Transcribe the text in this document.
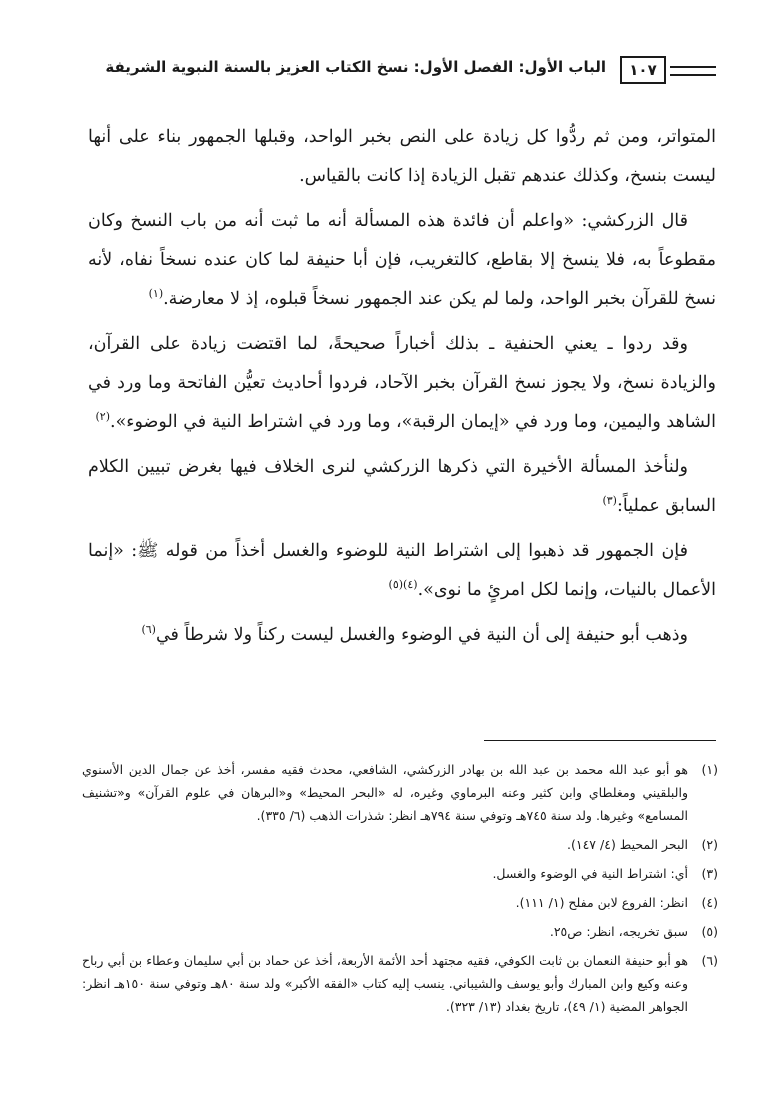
١٠٧
الباب الأول: الفصل الأول: نسخ الكتاب العزيز بالسنة النبوية الشريفة

المتواتر، ومن ثم ردُّوا كل زيادة على النص بخبر الواحد، وقبلها الجمهور بناء على أنها ليست بنسخ، وكذلك عندهم تقبل الزيادة إذا كانت بالقياس.

قال الزركشي: «واعلم أن فائدة هذه المسألة أنه ما ثبت أنه من باب النسخ وكان مقطوعاً به، فلا ينسخ إلا بقاطع، كالتغريب، فإن أبا حنيفة لما كان عنده نسخاً نفاه، لأنه نسخ للقرآن بخبر الواحد، ولما لم يكن عند الجمهور نسخاً قبلوه، إذ لا معارضة.$^{(١)}$

وقد ردوا ـ يعني الحنفية ـ بذلك أخباراً صحيحةً، لما اقتضت زيادة على القرآن، والزيادة نسخ، ولا يجوز نسخ القرآن بخبر الآحاد، فردوا أحاديث تعيُّن الفاتحة وما ورد في الشاهد واليمين، وما ورد في «إيمان الرقبة»، وما ورد في اشتراط النية في الوضوء».$^{(٢)}$

ولنأخذ المسألة الأخيرة التي ذكرها الزركشي لنرى الخلاف فيها بغرض تبيين الكلام السابق عملياً:$^{(٣)}$

فإن الجمهور قد ذهبوا إلى اشتراط النية للوضوء والغسل أخذاً من قوله ﷺ: «إنما الأعمال بالنيات، وإنما لكل امرئٍ ما نوى».$^{(٤)(٥)}$

وذهب أبو حنيفة إلى أن النية في الوضوء والغسل ليست ركناً ولا شرطاً في$^{(٦)}$

(١)
هو أبو عبد الله محمد بن عبد الله بن بهادر الزركشي، الشافعي، محدث فقيه مفسر، أخذ عن جمال الدين الأسنوي والبلقيني ومغلطاي وابن كثير وعنه البرماوي وغيره، له «البحر المحيط» و«البرهان في علوم القرآن» و«تشنيف المسامع» وغيرها. ولد سنة ٧٤٥هـ وتوفي سنة ٧٩٤هـ انظر: شذرات الذهب (٦/ ٣٣٥).
(٢)
البحر المحيط (٤/ ١٤٧).
(٣)
أي: اشتراط النية في الوضوء والغسل.
(٤)
انظر: الفروع لابن مفلح (١/ ١١١).
(٥)
سبق تخريجه، انظر: ص٢٥.
(٦)
هو أبو حنيفة النعمان بن ثابت الكوفي، فقيه مجتهد أحد الأئمة الأربعة، أخذ عن حماد بن أبي سليمان وعطاء بن أبي رباح وعنه وكيع وابن المبارك وأبو يوسف والشيباني. ينسب إليه كتاب «الفقه الأكبر» ولد سنة ٨٠هـ وتوفي سنة ١٥٠هـ انظر: الجواهر المضية (١/ ٤٩)، تاريخ بغداد (١٣/ ٣٢٣).
